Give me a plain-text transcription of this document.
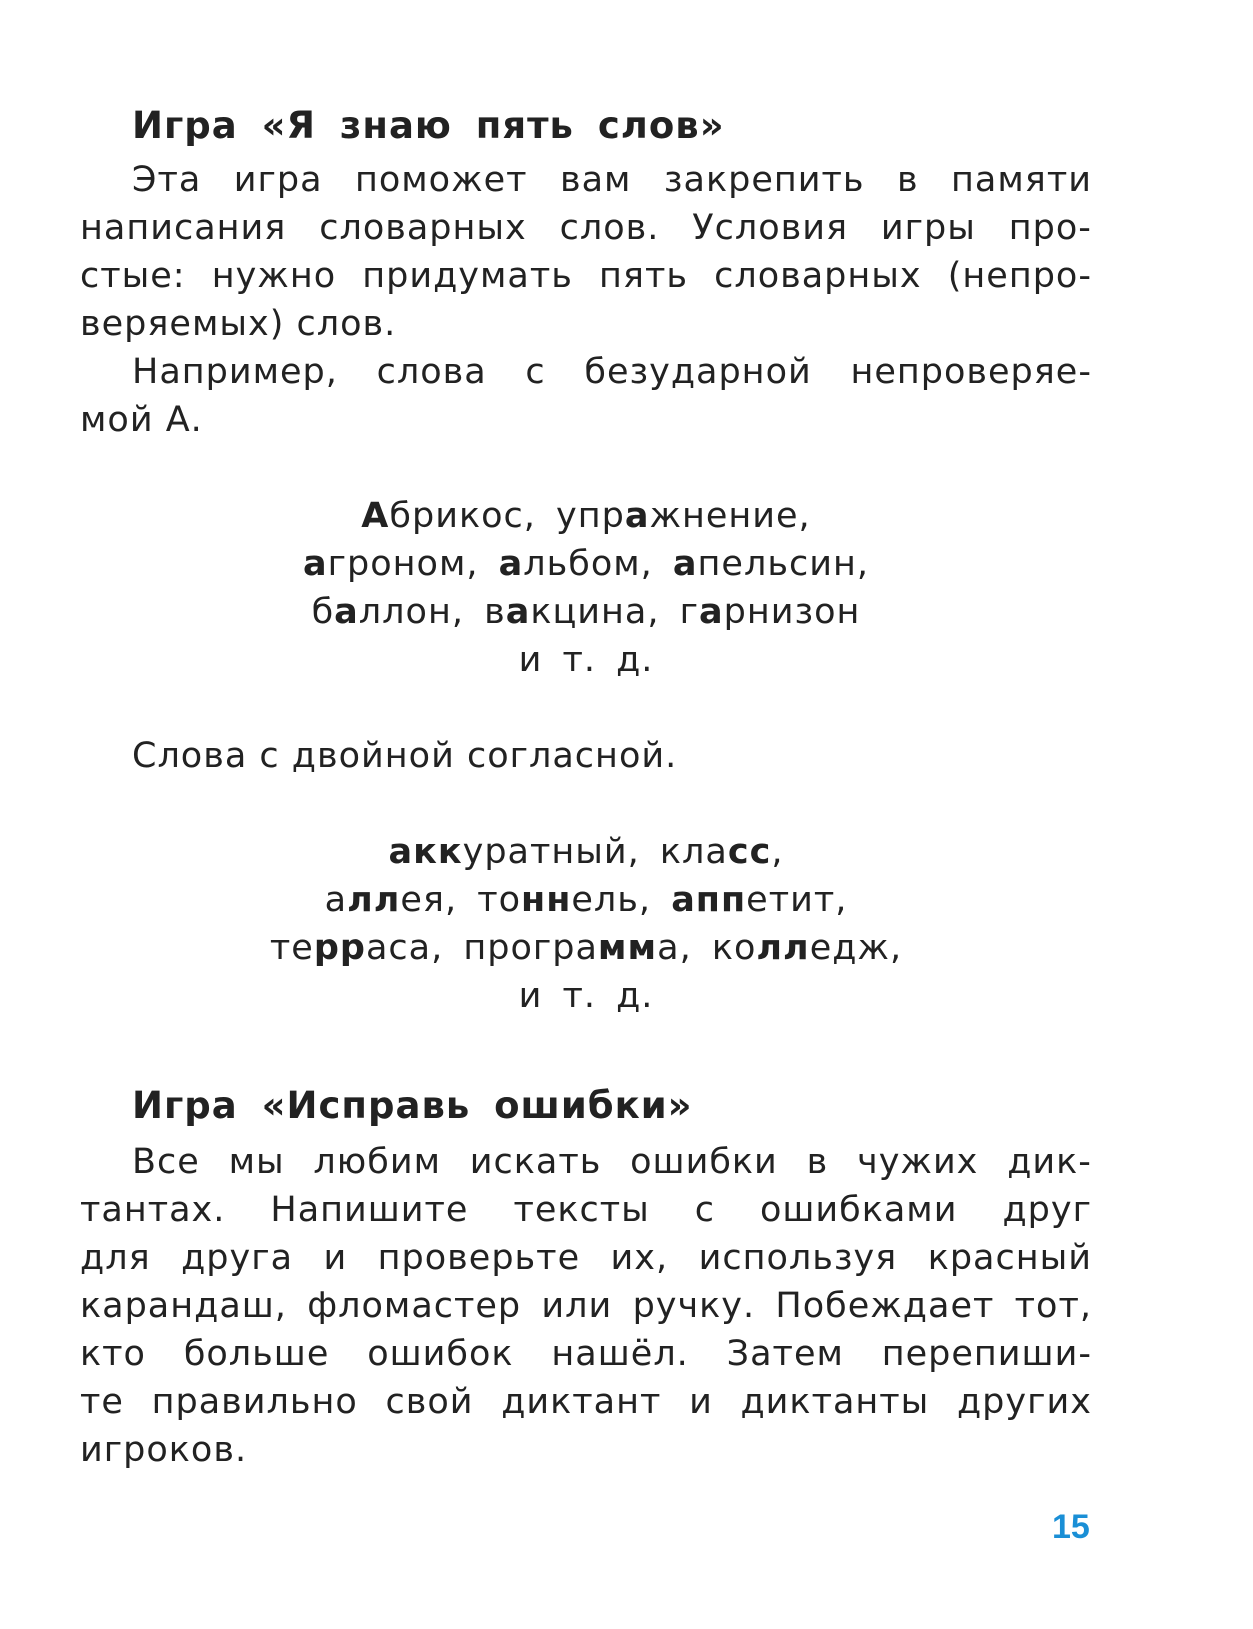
Игра «Я знаю пять слов»
Эта игра поможет вам закрепить в памяти
написания словарных слов. Условия игры про-
стые: нужно придумать пять словарных (непро-
веряемых) слов.
Например, слова с безударной непроверяе-
мой А.
Абрикос, упражнение,
агроном, альбом, апельсин,
баллон, вакцина, гарнизон
и т. д.
Слова с двойной согласной.
аккуратный, класс,
аллея, тоннель, аппетит,
терраса, программа, колледж,
и т. д.
Игра «Исправь ошибки»
Все мы любим искать ошибки в чужих дик-
тантах. Напишите тексты с ошибками друг
для друга и проверьте их, используя красный
карандаш, фломастер или ручку. Побеждает тот,
кто больше ошибок нашёл. Затем перепиши-
те правильно свой диктант и диктанты других
игроков.
15
